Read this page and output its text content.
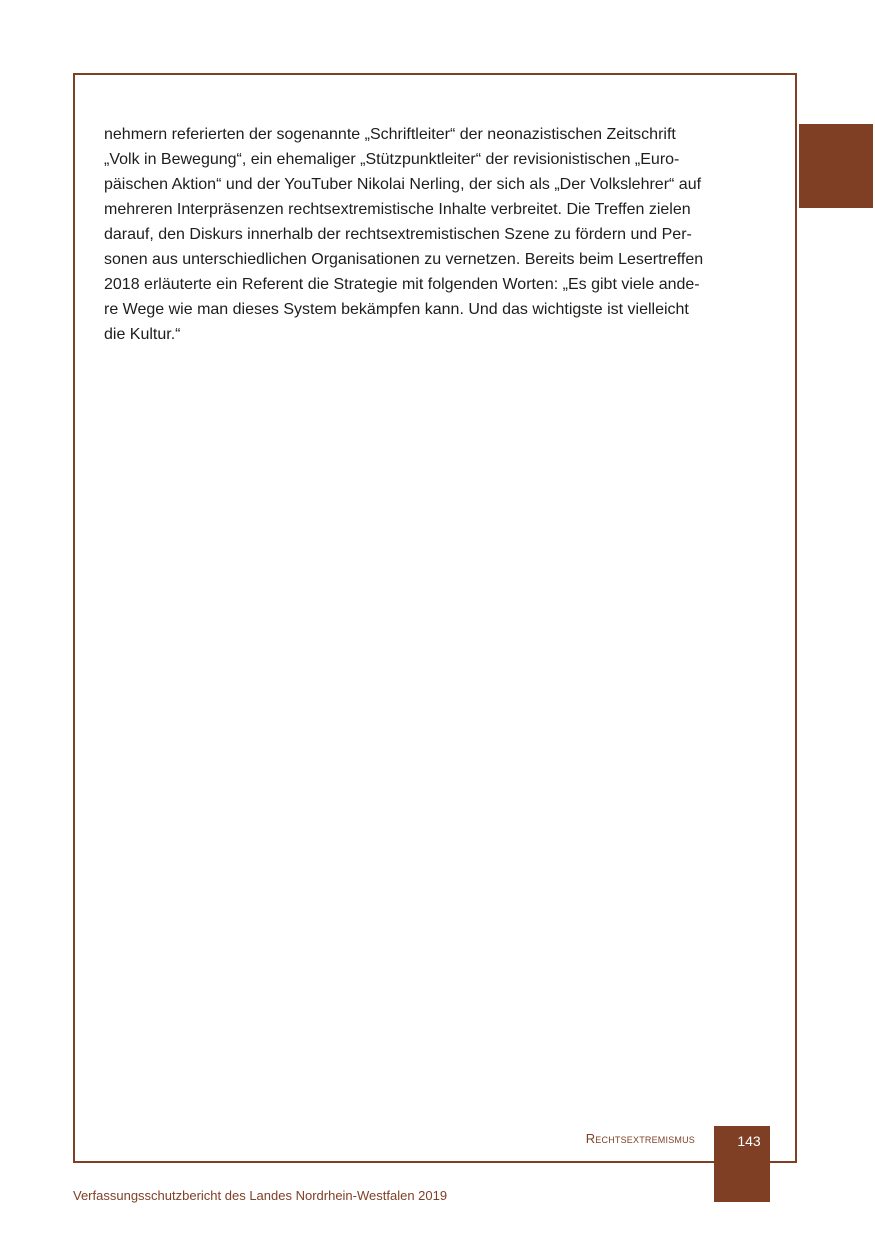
nehmern referierten der sogenannte „Schriftleiter“ der neonazistischen Zeitschrift
„Volk in Bewegung“, ein ehemaliger „Stützpunktleiter“ der revisionistischen „Euro-
päischen Aktion“ und der YouTuber Nikolai Nerling, der sich als „Der Volkslehrer“ auf
mehreren Interpräsenzen rechtsextremistische Inhalte verbreitet. Die Treffen zielen
darauf, den Diskurs innerhalb der rechtsextremistischen Szene zu fördern und Per-
sonen aus unterschiedlichen Organisationen zu vernetzen. Bereits beim Lesertreffen
2018 erläuterte ein Referent die Strategie mit folgenden Worten: „Es gibt viele ande-
re Wege wie man dieses System bekämpfen kann. Und das wichtigste ist vielleicht
die Kultur.“

Rechtsextremismus	143
Verfassungsschutzbericht des Landes Nordrhein-Westfalen 2019
